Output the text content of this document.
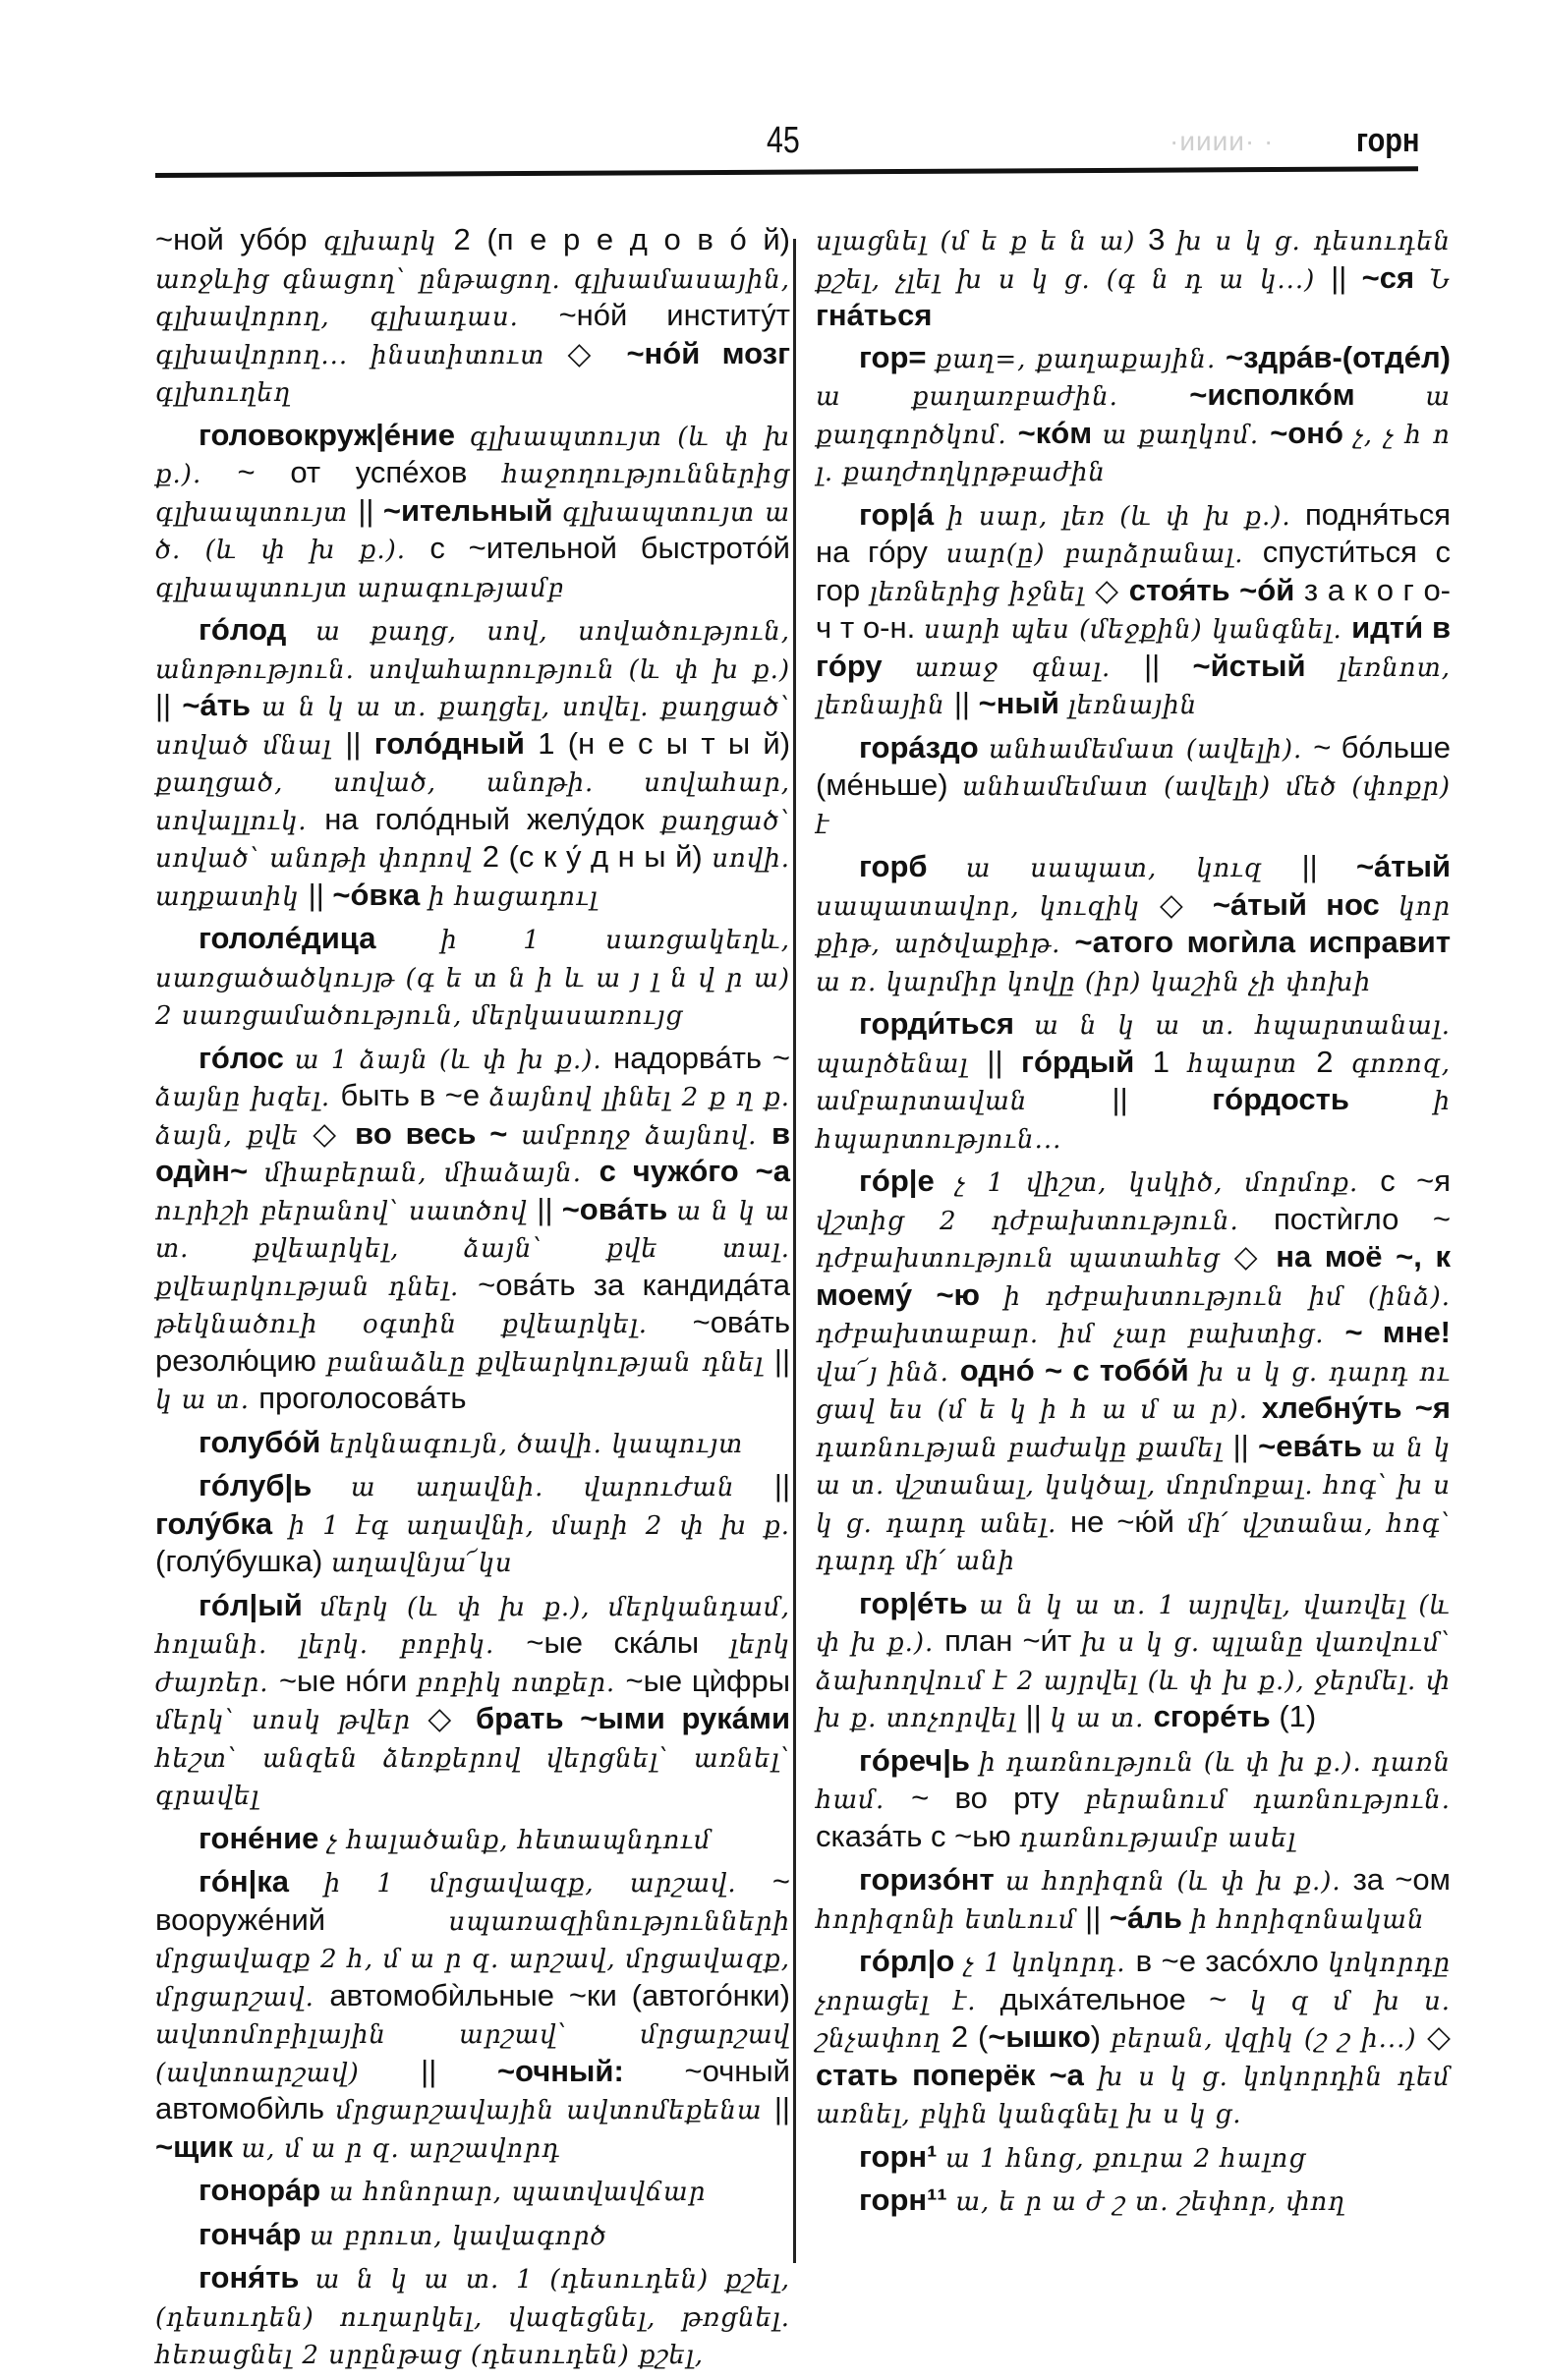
45	·ииии· · горн

~ной убóр գլխարկ 2 (п е р е д о в ó й) առջևից գնացող՝ ընթացող. գլխամասային, գլխավորող, գլխադաս. ~нóй институ́т գլխավորող... ինստիտուտ ◇ ~нóй мозг գլխուղեղ

головокруж|éние գլխապտույտ (և փ խ ք.). ~ от успéхов հաջողություններից գլխապտույտ || ~ительный գլխապտույտ ա ծ. (և փ խ ք.). с ~ительной быстротóй գլխապտույտ արագությամբ

гóлод ա քաղց, սով, սովածություն, անոթություն. սովահարություն (և փ խ ք.) || ~áть ա ն կ ա տ. քաղցել, սովել. քաղցած՝ սոված մնալ || голóдный 1 (н е с ы т ы й) քաղցած, սոված, անոթի. սովահար, սովալլուկ. на голóдный желу́док քաղցած՝ սոված՝ անոթի փորով 2 (с к у́ д н ы й) սովի. աղքատիկ || ~óвка ի հացադուլ

гололéдица ի 1 սառցակեղև, սառցածածկույթ (գ ե տ ն ի և ա յ լ ն վ ր ա) 2 սառցամածություն, մերկասառույց

гóлос ա 1 ձայն (և փ խ ք.). надорвáть ~ ձայնը խզել. быть в ~е ձայնով լինել 2 ք ղ ք. ձայն, քվե ◇ во весь ~ ամբողջ ձայնով. в одѝн~ միաբերան, միաձայն. с чужóго ~а ուրիշի բերանով՝ սատծով || ~овáть ա ն կ ա տ. քվեարկել, ձայն՝ քվե տալ. քվեարկության դնել. ~овáть за кандидáта թեկնածուի օգտին քվեարկել. ~овáть резолю́цию բանաձևը քվեարկության դնել || կ ա տ. проголосовáть

голубóй երկնագույն, ծավի. կապույտ

гóлуб|ь ա աղավնի. վարուժան || голу́бка ի 1 էգ աղավնի, մարի 2 փ խ ք. (голу́бушка) աղավնյա՜կս

гóл|ый մերկ (և փ խ ք.), մերկանդամ, հոլանի. լերկ. բոբիկ. ~ые скáлы լերկ ժայռեր. ~ые нóги բոբիկ ոտքեր. ~ые цѝфры մերկ՝ սոսկ թվեր ◇ брать ~ыми рукáми հեշտ՝ անզեն ձեռքերով վերցնել՝ առնել՝ գրավել

гонéние չ հալածանք, հետապնդում

гóн|ка ի 1 մրցավազք, արշավ. ~ вооружéний սպառազինությունների մրցավազք 2 հ, մ ա ր զ. արշավ, մրցավազք, մրցարշավ. автомобѝльные ~ки (автогóнки) ավտոմոբիլային արշավ՝ մրցարշավ (ավտոարշավ) || ~очный: ~очный автомобѝль մրցարշավային ավտոմեքենա || ~щик ա, մ ա ր զ. արշավորդ

гонорáр ա հոնորար, պատվավճար

гончáр ա բրուտ, կավագործ

гоня́ть ա ն կ ա տ. 1 (դեսուդեն) քշել, (դեսուդեն) ուղարկել, վազեցնել, թռցնել. հեռացնել 2 սրընթաց (դեսուդեն) քշել,

սլացնել (մ ե ք ե ն ա) 3 խ ս կ ց. դեսուդեն քշել, չլել խ ս կ ց. (գ ն դ ա կ...) || ~ся Ն гнáться

гор= քաղ=, քաղաքային. ~здрáв-(отдéл) ա քաղառբաժին. ~исполкóм ա քաղգործկոմ. ~кóм ա քաղկոմ. ~онó չ, չ հ ո լ. քաղժողկրթբաժին

гор|á ի սար, լեռ (և փ խ ք.). подня́ться на гóру սար(ը) բարձրանալ. спусти́ться с гор լեռներից իջնել ◇ стоя́ть ~óй з а к о г о-ч т о-н. սարի պես (մեջքին) կանգնել. идти́ в гóру առաջ գնալ. || ~йстый լեռնոտ, լեռնային || ~ный լեռնային

горáздо անհամեմատ (ավելի). ~ бóльше (мéньше) անհամեմատ (ավելի) մեծ (փոքր) է

горб ա սապատ, կուզ || ~áтый սապատավոր, կուզիկ ◇ ~áтый нос կոր քիթ, արծվաքիթ. ~атого могѝла исправит ա ռ. կարմիր կովը (իր) կաշին չի փոխի

горди́ться ա ն կ ա տ. հպարտանալ. պարծենալ || гóрдый 1 հպարտ 2 գոռոզ, ամբարտավան || гóрдость ի հպարտություն...

гóр|е չ 1 վիշտ, կսկիծ, մորմոք. с ~я վշտից 2 դժբախտություն. постѝгло ~ դժբախտություն պատահեց ◇ на моё ~, к моему́ ~ю ի դժբախտություն իմ (ինձ). դժբախտաբար. իմ չար բախտից. ~ мне! վա՜յ ինձ. однó ~ с тобóй խ ս կ ց. դարդ ու ցավ ես (մ ե կ ի հ ա մ ա ր). хлебну́ть ~я դառնության բաժակը քամել || ~евáть ա ն կ ա տ. վշտանալ, կսկծալ, մորմոքալ. հոգ՝ խ ս կ ց. դարդ անել. не ~ю́й մի՛ վշտանա, հոգ՝ դարդ մի՛ անի

гор|éть ա ն կ ա տ. 1 այրվել, վառվել (և փ խ ք.). план ~и́т խ ս կ ց. պլանը վառվում՝ ձախողվում է 2 այրվել (և փ խ ք.), ջերմել. փ խ ք. տոչորվել || կ ա տ. сгорéть (1)

гóреч|ь ի դառնություն (և փ խ ք.). դառն համ. ~ во рту բերանում դառնություն. сказáть с ~ью դառնությամբ ասել

горизóнт ա հորիզոն (և փ խ ք.). за ~ом հորիզոնի ետևում || ~áль ի հորիզոնական

гóрл|о չ 1 կոկորդ. в ~е засóхло կոկորդը չորացել է. дыхáтельное ~ կ զ մ խ ս. շնչափող 2 (~ышко) բերան, վզիկ (շ շ ի...) ◇ стать поперёк ~а խ ս կ ց. կոկորդին դեմ առնել, բկին կանգնել խ ս կ ց.

горн¹ ա 1 հնոց, քուրա 2 հալոց

горн¹¹ ա, ե ր ա ժ շ տ. շեփոր, փող
